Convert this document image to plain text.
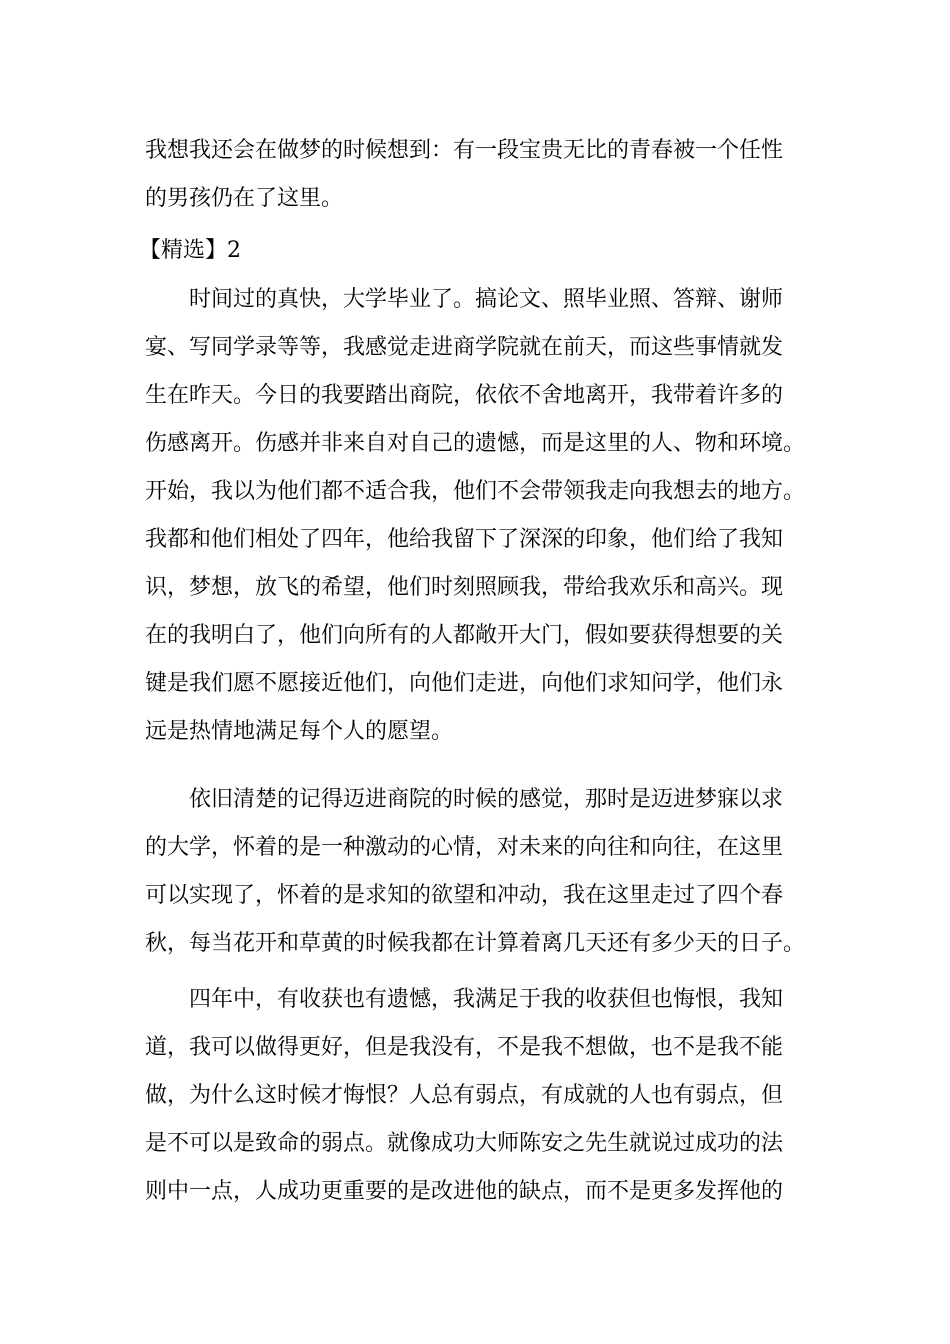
我想我还会在做梦的时候想到：有一段宝贵无比的青春被一个任性
的男孩仍在了这里。
【精选】2
时间过的真快，大学毕业了。搞论文、照毕业照、答辩、谢师
宴、写同学录等等，我感觉走进商学院就在前天，而这些事情就发
生在昨天。今日的我要踏出商院，依依不舍地离开，我带着许多的
伤感离开。伤感并非来自对自己的遗憾，而是这里的人、物和环境。
开始，我以为他们都不适合我，他们不会带领我走向我想去的地方。
我都和他们相处了四年，他给我留下了深深的印象，他们给了我知
识，梦想，放飞的希望，他们时刻照顾我，带给我欢乐和高兴。现
在的我明白了，他们向所有的人都敞开大门，假如要获得想要的关
键是我们愿不愿接近他们，向他们走进，向他们求知问学，他们永
远是热情地满足每个人的愿望。
依旧清楚的记得迈进商院的时候的感觉，那时是迈进梦寐以求
的大学，怀着的是一种激动的心情，对未来的向往和向往，在这里
可以实现了，怀着的是求知的欲望和冲动，我在这里走过了四个春
秋，每当花开和草黄的时候我都在计算着离几天还有多少天的日子。
四年中，有收获也有遗憾，我满足于我的收获但也悔恨，我知
道，我可以做得更好，但是我没有，不是我不想做，也不是我不能
做，为什么这时候才悔恨？人总有弱点，有成就的人也有弱点，但
是不可以是致命的弱点。就像成功大师陈安之先生就说过成功的法
则中一点，人成功更重要的是改进他的缺点，而不是更多发挥他的
